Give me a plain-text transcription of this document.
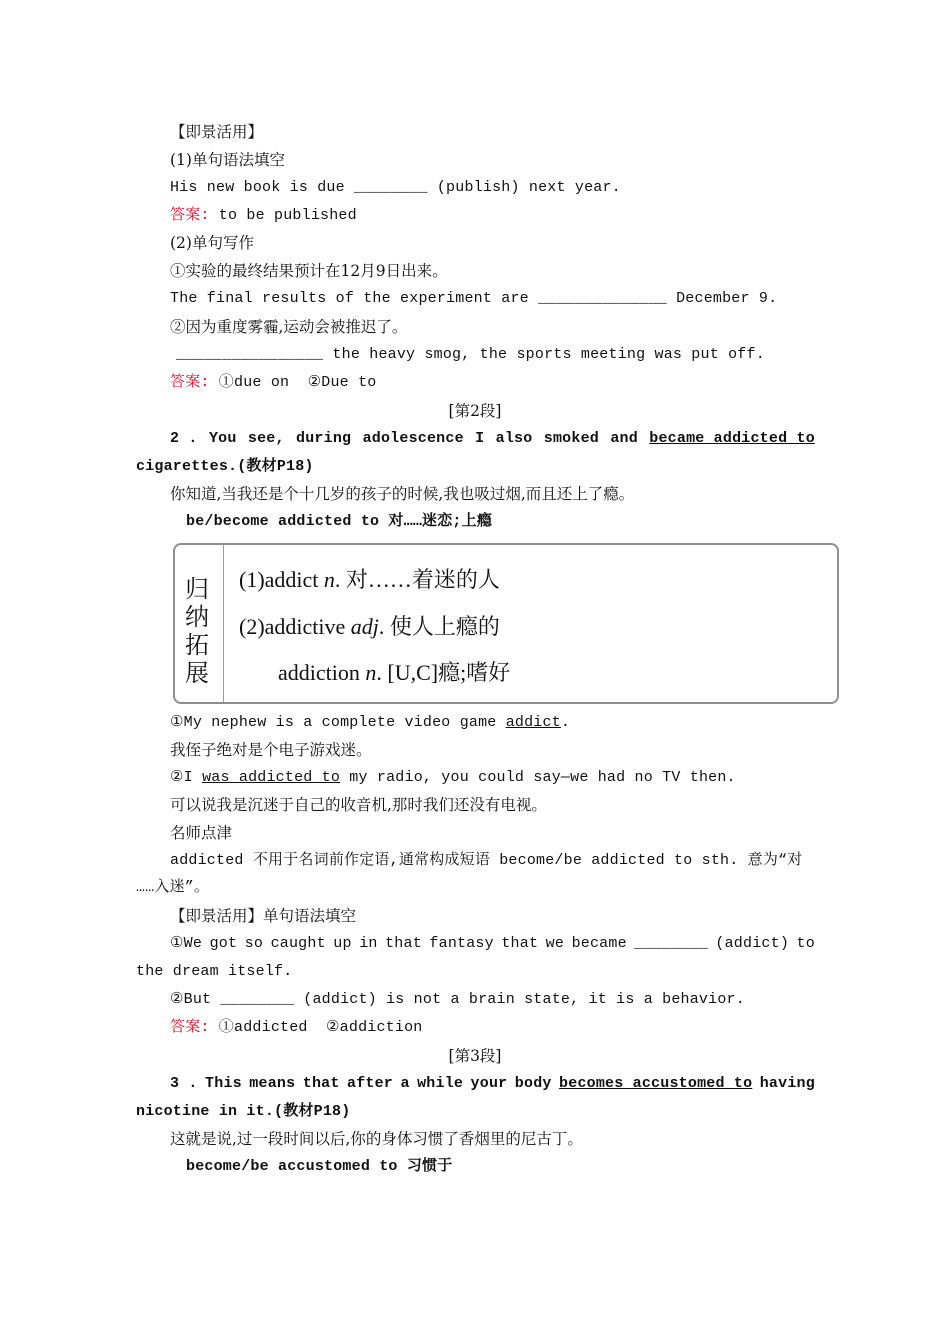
【即景活用】
(1)单句语法填空
His new book is due ________ (publish) next year.
答案: to be published
(2)单句写作
①实验的最终结果预计在12月9日出来。
The final results of the experiment are ______________ December 9.
②因为重度雾霾,运动会被推迟了。
________________ the heavy smog, the sports meeting was put off.
答案: ①due on  ②Due to
[第2段]
2 . You see, during adolescence I also smoked and became addicted to
cigarettes.(教材P18)
你知道,当我还是个十几岁的孩子的时候,我也吸过烟,而且还上了瘾。
be/become addicted to 对……迷恋;上瘾
归
纳
拓
展
(1)addict n. 对……着迷的人
(2)addictive adj. 使人上瘾的
addiction n. [U,C]瘾;嗜好
①My nephew is a complete video game addict.
我侄子绝对是个电子游戏迷。
②I was addicted to my radio, you could say—we had no TV then.
可以说我是沉迷于自己的收音机,那时我们还没有电视。
名师点津
addicted 不用于名词前作定语,通常构成短语 become/be addicted to sth. 意为“对
……入迷”。
【即景活用】单句语法填空
①We got so caught up in that fantasy that we became ________ (addict) to
the dream itself.
②But ________ (addict) is not a brain state, it is a behavior.
答案: ①addicted  ②addiction
[第3段]
3 . This means that after a while your body becomes accustomed to having
nicotine in it.(教材P18)
这就是说,过一段时间以后,你的身体习惯了香烟里的尼古丁。
become/be accustomed to 习惯于
